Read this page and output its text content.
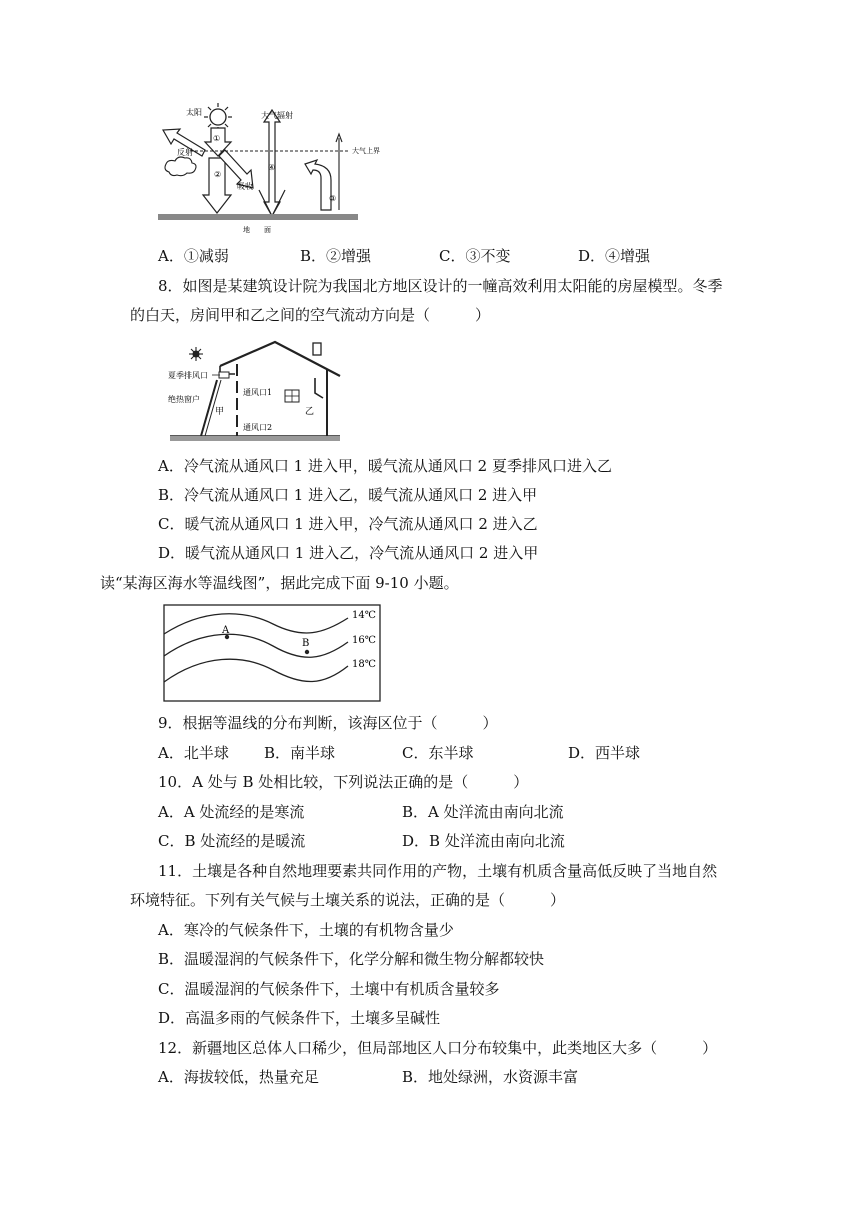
太阳
①
反射
②
吸收
④
大气辐射
③
大气上界
地　　面
A．①减弱	B．②增强	C．③不变	D．④增强
8．如图是某建筑设计院为我国北方地区设计的一幢高效利用太阳能的房屋模型。冬季
的白天，房间甲和乙之间的空气流动方向是（　　　）
夏季排风口
绝热窗户
通风口1
通风口2
甲	乙
A．冷气流从通风口 1 进入甲，暖气流从通风口 2 夏季排风口进入乙
B．冷气流从通风口 1 进入乙，暖气流从通风口 2 进入甲
C．暖气流从通风口 1 进入甲，冷气流从通风口 2 进入乙
D．暖气流从通风口 1 进入乙，冷气流从通风口 2 进入甲
读“某海区海水等温线图”，据此完成下面 9-10 小题。
14℃
16℃
18℃
A
B
9．根据等温线的分布判断，该海区位于（　　　）
A．北半球 B．南半球	C．东半球	D．西半球
10．A 处与 B 处相比较，下列说法正确的是（　　　）
A．A 处流经的是寒流	B．A 处洋流由南向北流
C．B 处流经的是暖流	D．B 处洋流由南向北流
11．土壤是各种自然地理要素共同作用的产物，土壤有机质含量高低反映了当地自然
环境特征。下列有关气候与土壤关系的说法，正确的是（　　　）
A．寒冷的气候条件下，土壤的有机物含量少
B．温暖湿润的气候条件下，化学分解和微生物分解都较快
C．温暖湿润的气候条件下，土壤中有机质含量较多
D．高温多雨的气候条件下，土壤多呈碱性
12．新疆地区总体人口稀少，但局部地区人口分布较集中，此类地区大多（　　　）
A．海拔较低，热量充足	B．地处绿洲，水资源丰富
